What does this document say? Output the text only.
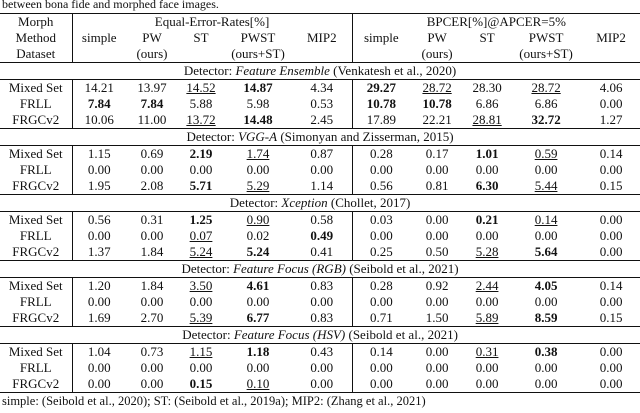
between bona fide and morphed face images.
Morph	Equal-Error-Rates[%]					BPCER[%]@APCER=5%				
Method	simple	PW	ST	PWST	MIP2	simple	PW	ST	PWST	MIP2
Dataset		(ours)		(ours+ST)			(ours)		(ours+ST)	
Detector: Feature Ensemble (Venkatesh et al., 2020)										
Mixed Set	14.21	13.97	14.52	14.87	4.34	29.27	28.72	28.30	28.72	4.06
FRLL	7.84	7.84	5.88	5.98	0.53	10.78	10.78	6.86	6.86	0.00
FRGCv2	10.06	11.00	13.72	14.48	2.45	17.89	22.21	28.81	32.72	1.27
Detector: VGG-A (Simonyan and Zisserman, 2015)										
Mixed Set	1.15	0.69	2.19	1.74	0.87	0.28	0.17	1.01	0.59	0.14
FRLL	0.00	0.00	0.00	0.00	0.00	0.00	0.00	0.00	0.00	0.00
FRGCv2	1.95	2.08	5.71	5.29	1.14	0.56	0.81	6.30	5.44	0.15
Detector: Xception (Chollet, 2017)										
Mixed Set	0.56	0.31	1.25	0.90	0.58	0.03	0.00	0.21	0.14	0.00
FRLL	0.00	0.00	0.07	0.02	0.49	0.00	0.00	0.00	0.00	0.00
FRGCv2	1.37	1.84	5.24	5.24	0.41	0.25	0.50	5.28	5.64	0.00
Detector: Feature Focus (RGB) (Seibold et al., 2021)										
Mixed Set	1.20	1.84	3.50	4.61	0.83	0.28	0.92	2.44	4.05	0.14
FRLL	0.00	0.00	0.00	0.00	0.00	0.00	0.00	0.00	0.00	0.00
FRGCv2	1.69	2.70	5.39	6.77	0.83	0.71	1.50	5.89	8.59	0.15
Detector: Feature Focus (HSV) (Seibold et al., 2021)										
Mixed Set	1.04	0.73	1.15	1.18	0.43	0.14	0.00	0.31	0.38	0.00
FRLL	0.00	0.00	0.00	0.00	0.00	0.00	0.00	0.00	0.00	0.00
FRGCv2	0.00	0.00	0.15	0.10	0.00	0.00	0.00	0.00	0.00	0.00
simple: (Seibold et al., 2020); ST: (Seibold et al., 2019a); MIP2: (Zhang et al., 2021)
